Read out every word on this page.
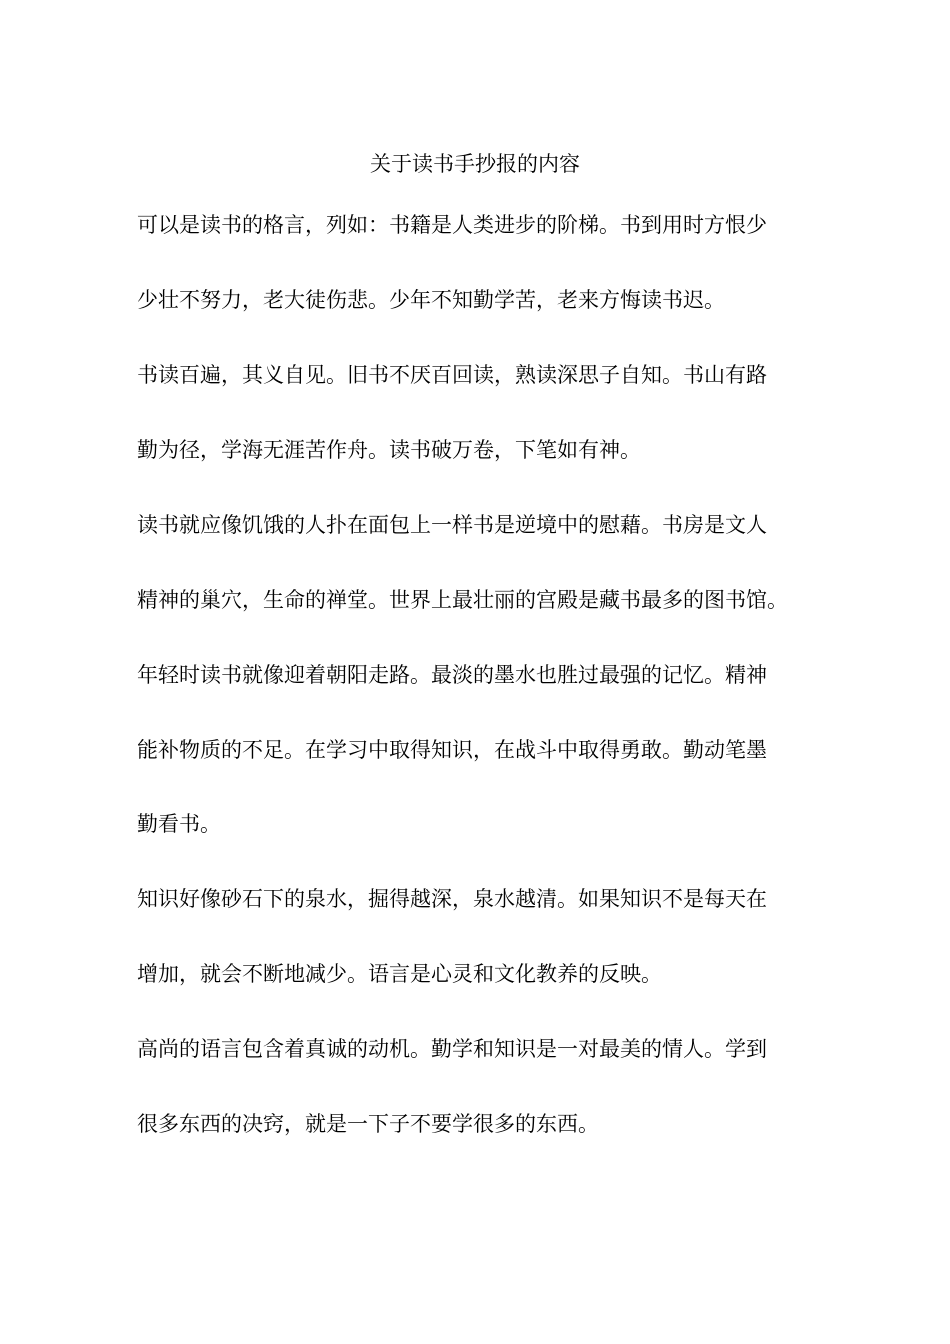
关于读书手抄报的内容
可以是读书的格言，列如：书籍是人类进步的阶梯。书到用时方恨少
少壮不努力，老大徒伤悲。少年不知勤学苦，老来方悔读书迟。
书读百遍，其义自见。旧书不厌百回读，熟读深思子自知。书山有路
勤为径，学海无涯苦作舟。读书破万卷，下笔如有神。
读书就应像饥饿的人扑在面包上一样书是逆境中的慰藉。书房是文人
精神的巢穴，生命的禅堂。世界上最壮丽的宫殿是藏书最多的图书馆。
年轻时读书就像迎着朝阳走路。最淡的墨水也胜过最强的记忆。精神
能补物质的不足。在学习中取得知识，在战斗中取得勇敢。勤动笔墨
勤看书。
知识好像砂石下的泉水，掘得越深，泉水越清。如果知识不是每天在
增加，就会不断地减少。语言是心灵和文化教养的反映。
高尚的语言包含着真诚的动机。勤学和知识是一对最美的情人。学到
很多东西的决窍，就是一下子不要学很多的东西。
